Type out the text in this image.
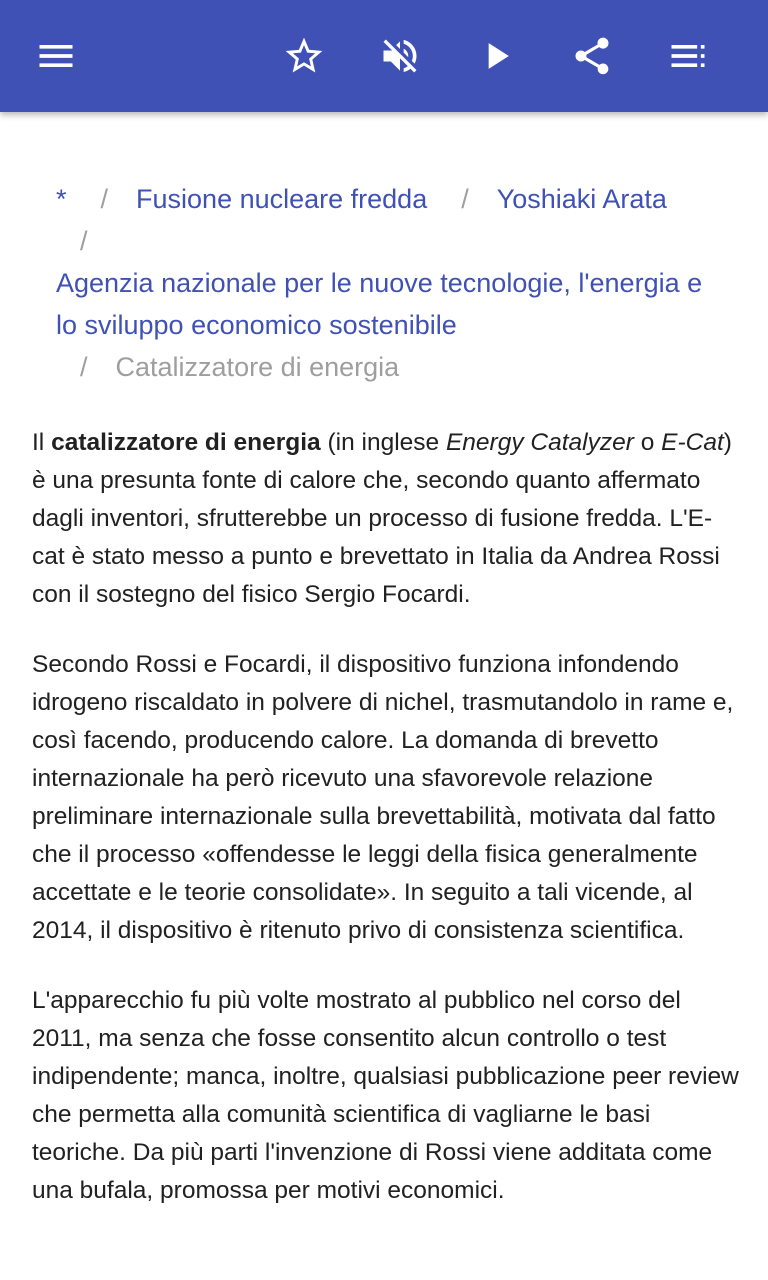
* / Fusione nucleare fredda / Yoshiaki Arata
/
Agenzia nazionale per le nuove tecnologie, l'energia e lo sviluppo economico sostenibile
/ Catalizzatore di energia

Il catalizzatore di energia (in inglese Energy Catalyzer o E-Cat) è una presunta fonte di calore che, secondo quanto affermato dagli inventori, sfrutterebbe un processo di fusione fredda. L'E-cat è stato messo a punto e brevettato in Italia da Andrea Rossi con il sostegno del fisico Sergio Focardi.

Secondo Rossi e Focardi, il dispositivo funziona infondendo idrogeno riscaldato in polvere di nichel, trasmutandolo in rame e, così facendo, producendo calore. La domanda di brevetto internazionale ha però ricevuto una sfavorevole relazione preliminare internazionale sulla brevettabilità, motivata dal fatto che il processo «offendesse le leggi della fisica generalmente accettate e le teorie consolidate». In seguito a tali vicende, al 2014, il dispositivo è ritenuto privo di consistenza scientifica.

L'apparecchio fu più volte mostrato al pubblico nel corso del 2011, ma senza che fosse consentito alcun controllo o test indipendente; manca, inoltre, qualsiasi pubblicazione peer review che permetta alla comunità scientifica di vagliarne le basi teoriche. Da più parti l'invenzione di Rossi viene additata come una bufala, promossa per motivi economici.
